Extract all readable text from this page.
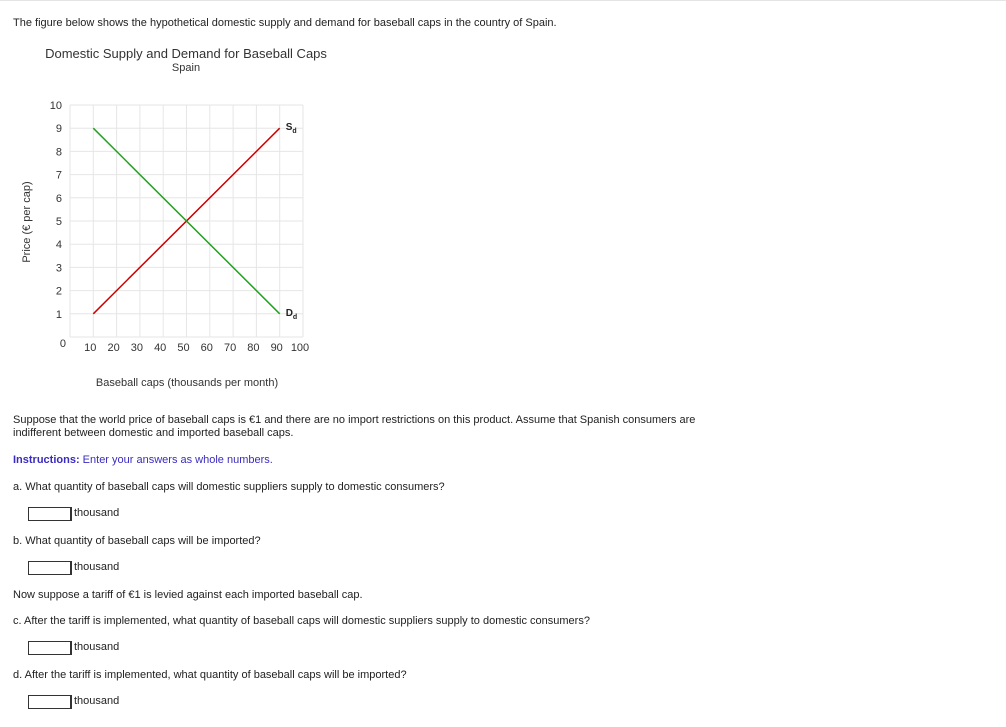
The figure below shows the hypothetical domestic supply and demand for baseball caps in the country of Spain.
Domestic Supply and Demand for Baseball Caps
Spain
1
2
3
4
5
6
7
8
9
10
10 20 30 40 50 60 70 80 90 100
0
Price (€ per cap)
Baseball caps (thousands per month)
$S_d$
$D_d$
Suppose that the world price of baseball caps is €1 and there are no import restrictions on this product. Assume that Spanish consumers are indifferent between domestic and imported baseball caps.
Instructions: Enter your answers as whole numbers.
a. What quantity of baseball caps will domestic suppliers supply to domestic consumers?
thousand
b. What quantity of baseball caps will be imported?
thousand
Now suppose a tariff of €1 is levied against each imported baseball cap.
c. After the tariff is implemented, what quantity of baseball caps will domestic suppliers supply to domestic consumers?
thousand
d. After the tariff is implemented, what quantity of baseball caps will be imported?
thousand
